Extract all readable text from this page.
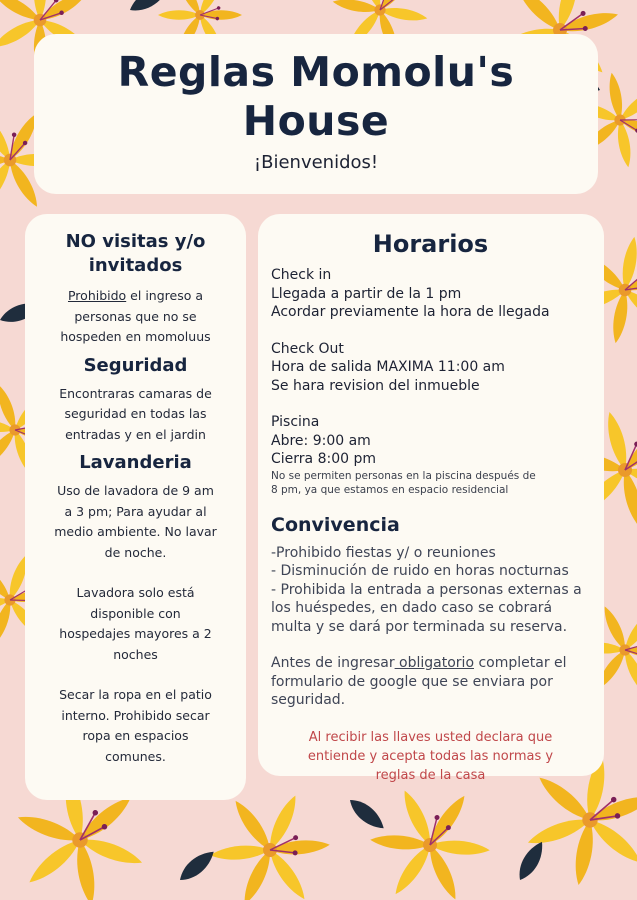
Reglas Momolu's
House
¡Bienvenidos!
NO visitas y/o
invitados

Prohibido el ingreso a
personas que no se
hospeden en momoluus

Seguridad

Encontraras camaras de
seguridad en todas las
entradas y en el jardin

Lavanderia

Uso de lavadora de 9 am
a 3 pm; Para ayudar al
medio ambiente. No lavar
de noche.

Lavadora solo está
disponible con
hospedajes mayores a 2
noches

Secar la ropa en el patio
interno. Prohibido secar
ropa en espacios
comunes.

Horarios

Check in
Llegada a partir de la 1 pm
Acordar previamente la hora de llegada

Check Out
Hora de salida MAXIMA 11:00 am
Se hara revision del inmueble

Piscina
Abre: 9:00 am
Cierra 8:00 pm

No se permiten personas en la piscina después de
8 pm, ya que estamos en espacio residencial

Convivencia

-Prohibido fiestas y/ o reuniones
- Disminución de ruido en horas nocturnas
- Prohibida la entrada a personas externas a
los huéspedes, en dado caso se cobrará
multa y se dará por terminada su reserva.

Antes de ingresar obligatorio completar el
formulario de google que se enviara por
seguridad.

Al recibir las llaves usted declara que
entiende y acepta todas las normas y
reglas de la casa
